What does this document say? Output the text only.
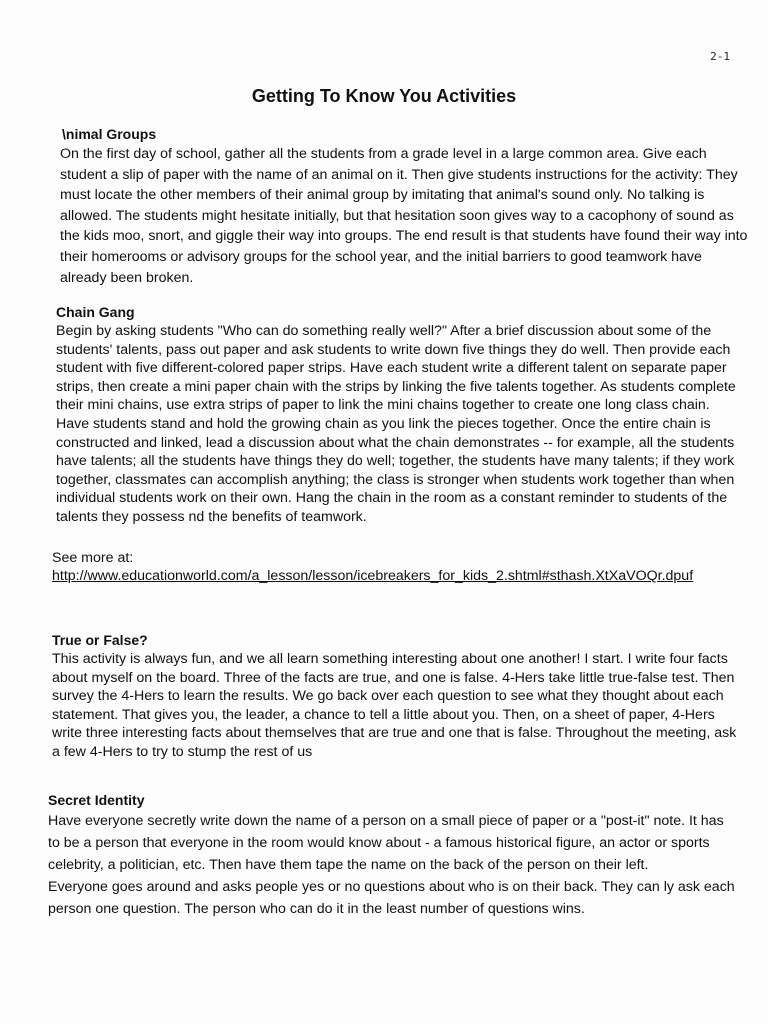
2-1
Getting To Know You Activities

\nimal Groups

On the first day of school, gather all the students from a grade level in a large common area. Give each student a slip of paper with the name of an animal on it. Then give students instructions for the activity: They must locate the other members of their animal group by imitating that animal's sound only. No talking is allowed. The students might hesitate initially, but that hesitation soon gives way to a cacophony of sound as the kids moo, snort, and giggle their way into groups. The end result is that students have found their way into their homerooms or advisory groups for the school year, and the initial barriers to good teamwork have already been broken.

Chain Gang

Begin by asking students "Who can do something really well?" After a brief discussion about some of the students' talents, pass out paper and ask students to write down five things they do well. Then provide each student with five different-colored paper strips. Have each student write a different talent on separate paper strips, then create a mini paper chain with the strips by linking the five talents together. As students complete their mini chains, use extra strips of paper to link the mini chains together to create one long class chain. Have students stand and hold the growing chain as you link the pieces together. Once the entire chain is constructed and linked, lead a discussion about what the chain demonstrates -- for example, all the students have talents; all the students have things they do well; together, the students have many talents; if they work together, classmates can accomplish anything; the class is stronger when students work together than when individual students work on their own. Hang the chain in the room as a constant reminder to students of the talents they possess nd the benefits of teamwork.

See more at:

http://www.educationworld.com/a_lesson/lesson/icebreakers_for_kids_2.shtml#sthash.XtXaVOQr.dpuf

True or False?

This activity is always fun, and we all learn something interesting about one another! I start. I write four facts about myself on the board. Three of the facts are true, and one is false. 4-Hers take little true-false test. Then survey the 4-Hers to learn the results. We go back over each question to see what they thought about each statement. That gives you, the leader, a chance to tell a little about you. Then, on a sheet of paper, 4-Hers write three interesting facts about themselves that are true and one that is false. Throughout the meeting, ask a few 4-Hers to try to stump the rest of us

Secret Identity

Have everyone secretly write down the name of a person on a small piece of paper or a "post-it" note. It has to be a person that everyone in the room would know about - a famous historical figure, an actor or sports celebrity, a politician, etc. Then have them tape the name on the back of the person on their left.

Everyone goes around and asks people yes or no questions about who is on their back. They can ly ask each person one question. The person who can do it in the least number of questions wins.
